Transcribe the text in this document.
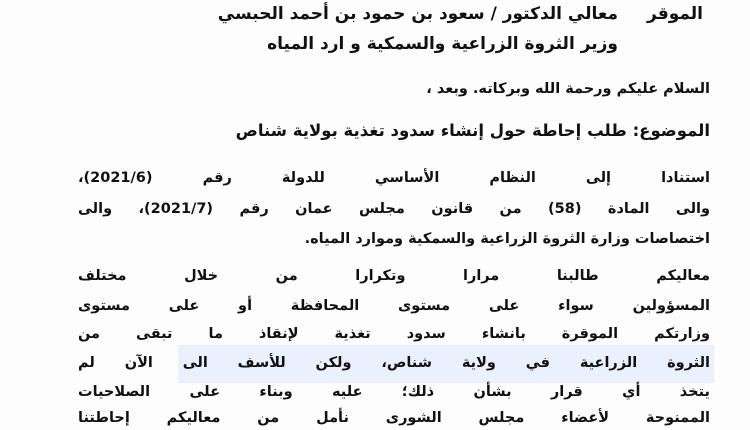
معالي الدكتور / سعود بن حمود بن أحمد الحبسي الموقر
وزير الثروة الزراعية والسمكية و ارد المياه
السلام عليكم ورحمة الله وبركاته. وبعد ،
الموضوع: طلب إحاطة حول إنشاء سدود تغذية بولاية شناص
استنادا إلى النظام الأساسي للدولة رقم (2021/6)،
والى المادة (58) من قانون مجلس عمان رقم (2021/7)، والى
اختصاصات وزارة الثروة الزراعية والسمكية وموارد المياه.
معاليكم طالبنا مرارا وتكرارا من خلال مختلف
المسؤولين سواء على مستوى المحافظة أو على مستوى
وزارتكم الموقرة بانشاء سدود تغذية لإنقاذ ما تبقى من
الثروة الزراعية في ولاية شناص، ولكن للأسف الى الآن لم
يتخذ أي قرار بشأن ذلك؛ عليه وبناء على الصلاحيات
الممنوحة لأعضاء مجلس الشورى نأمل من معاليكم إحاطتنا
